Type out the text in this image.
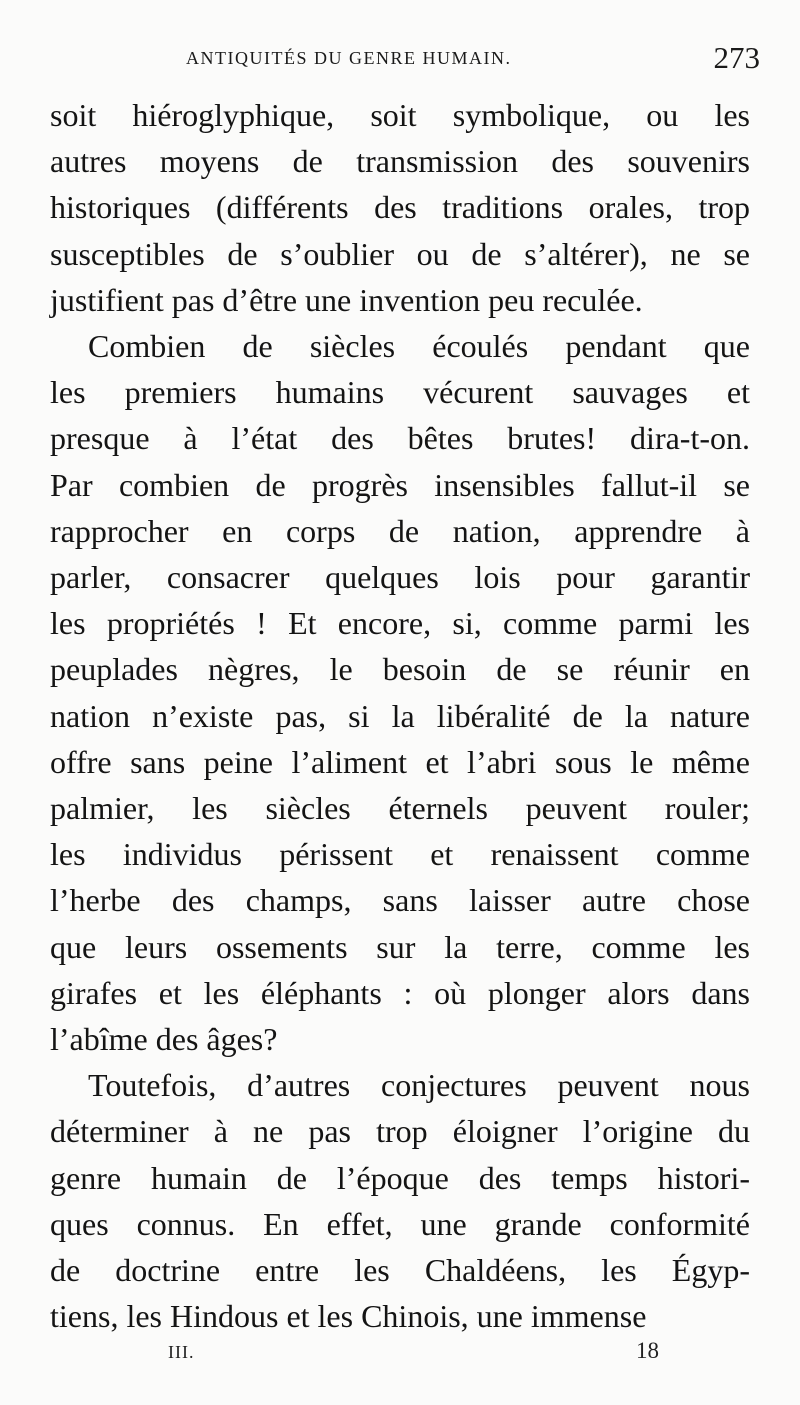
ANTIQUITÉS DU GENRE HUMAIN.	273

soit hiéroglyphique, soit symbolique, ou les
autres moyens de transmission des souvenirs
historiques (différents des traditions orales, trop
susceptibles de s’oublier ou de s’altérer), ne se
justifient pas d’être une invention peu reculée.

Combien de siècles écoulés pendant que
les premiers humains vécurent sauvages et
presque à l’état des bêtes brutes! dira-t-on.
Par combien de progrès insensibles fallut-il se
rapprocher en corps de nation, apprendre à
parler, consacrer quelques lois pour garantir
les propriétés ! Et encore, si, comme parmi les
peuplades nègres, le besoin de se réunir en
nation n’existe pas, si la libéralité de la nature
offre sans peine l’aliment et l’abri sous le même
palmier, les siècles éternels peuvent rouler;
les individus périssent et renaissent comme
l’herbe des champs, sans laisser autre chose
que leurs ossements sur la terre, comme les
girafes et les éléphants : où plonger alors dans
l’abîme des âges?

Toutefois, d’autres conjectures peuvent nous
déterminer à ne pas trop éloigner l’origine du
genre humain de l’époque des temps histori-
ques connus. En effet, une grande conformité
de doctrine entre les Chaldéens, les Égyp-
tiens, les Hindous et les Chinois, une immense

III.	18
